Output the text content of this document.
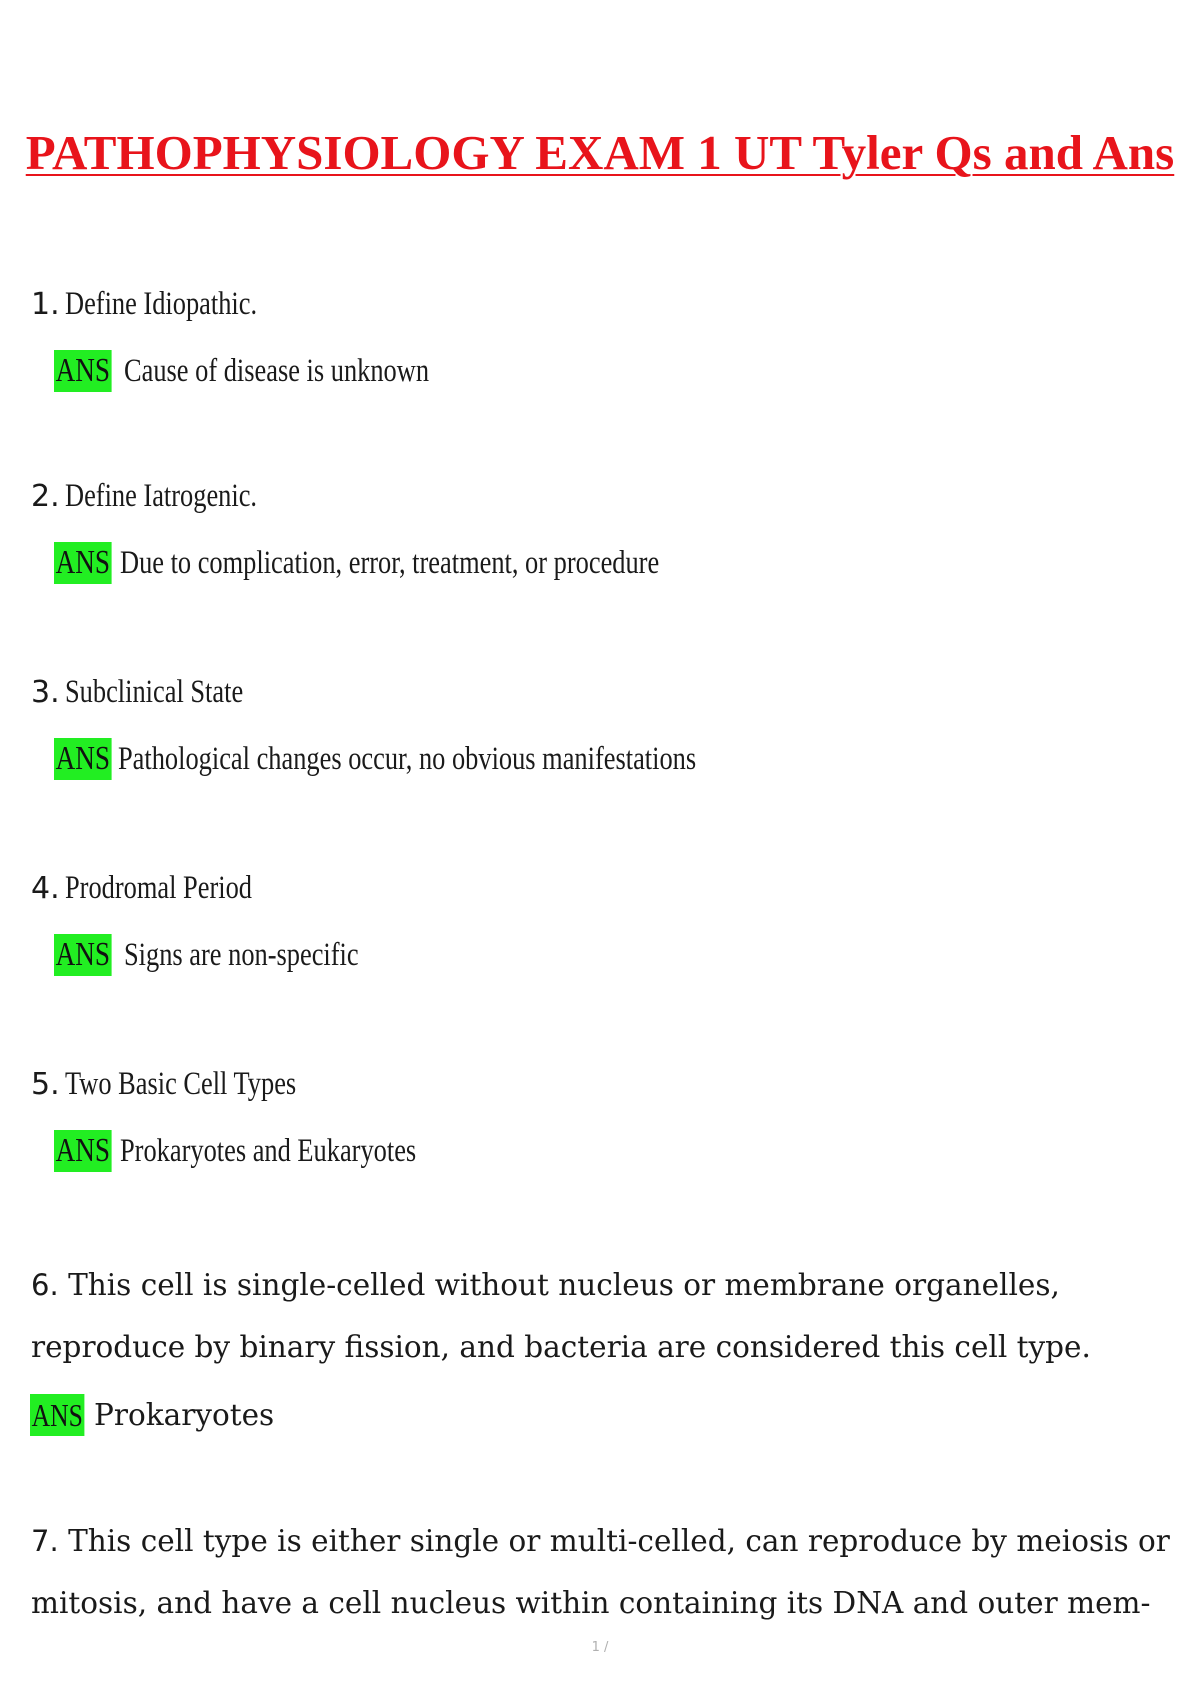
PATHOPHYSIOLOGY EXAM 1 UT Tyler Qs and Ans

1. Define Idiopathic.

ANS Cause of disease is unknown

2. Define Iatrogenic.

ANS Due to complication, error, treatment, or procedure

3. Subclinical State

ANS Pathological changes occur, no obvious manifestations

4. Prodromal Period

ANS Signs are non-specific

5. Two Basic Cell Types

ANS Prokaryotes and Eukaryotes

6. This cell is single-celled without nucleus or membrane organelles, reproduce by binary fission, and bacteria are considered this cell type.

ANS Prokaryotes

7. This cell type is either single or multi-celled, can reproduce by meiosis or mitosis, and have a cell nucleus within containing its DNA and outer mem-

1 /
